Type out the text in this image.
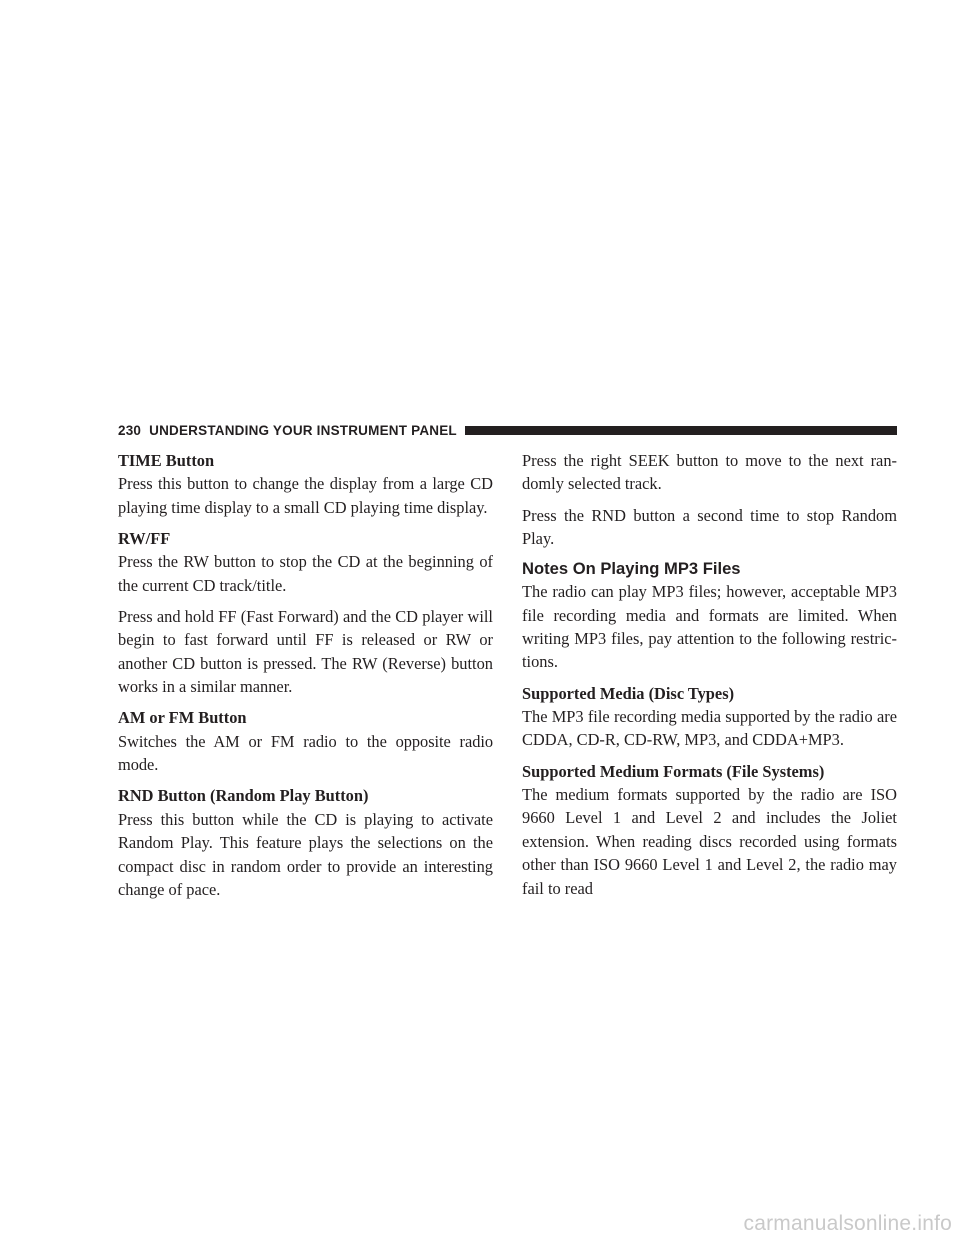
230 UNDERSTANDING YOUR INSTRUMENT PANEL
TIME Button
Press this button to change the display from a large CD playing time display to a small CD playing time display.
RW/FF
Press the RW button to stop the CD at the beginning of the current CD track/title.
Press and hold FF (Fast Forward) and the CD player will begin to fast forward until FF is released or RW or another CD button is pressed. The RW (Reverse) button works in a similar manner.
AM or FM Button
Switches the AM or FM radio to the opposite radio mode.
RND Button (Random Play Button)
Press this button while the CD is playing to activate Random Play. This feature plays the selections on the compact disc in random order to provide an interesting change of pace.
Press the right SEEK button to move to the next ran-domly selected track.
Press the RND button a second time to stop Random Play.
Notes On Playing MP3 Files
The radio can play MP3 files; however, acceptable MP3 file recording media and formats are limited. When writing MP3 files, pay attention to the following restric-tions.
Supported Media (Disc Types)
The MP3 file recording media supported by the radio are CDDA, CD-R, CD-RW, MP3, and CDDA+MP3.
Supported Medium Formats (File Systems)
The medium formats supported by the radio are ISO 9660 Level 1 and Level 2 and includes the Joliet extension. When reading discs recorded using formats other than ISO 9660 Level 1 and Level 2, the radio may fail to read
carmanualsonline.info
